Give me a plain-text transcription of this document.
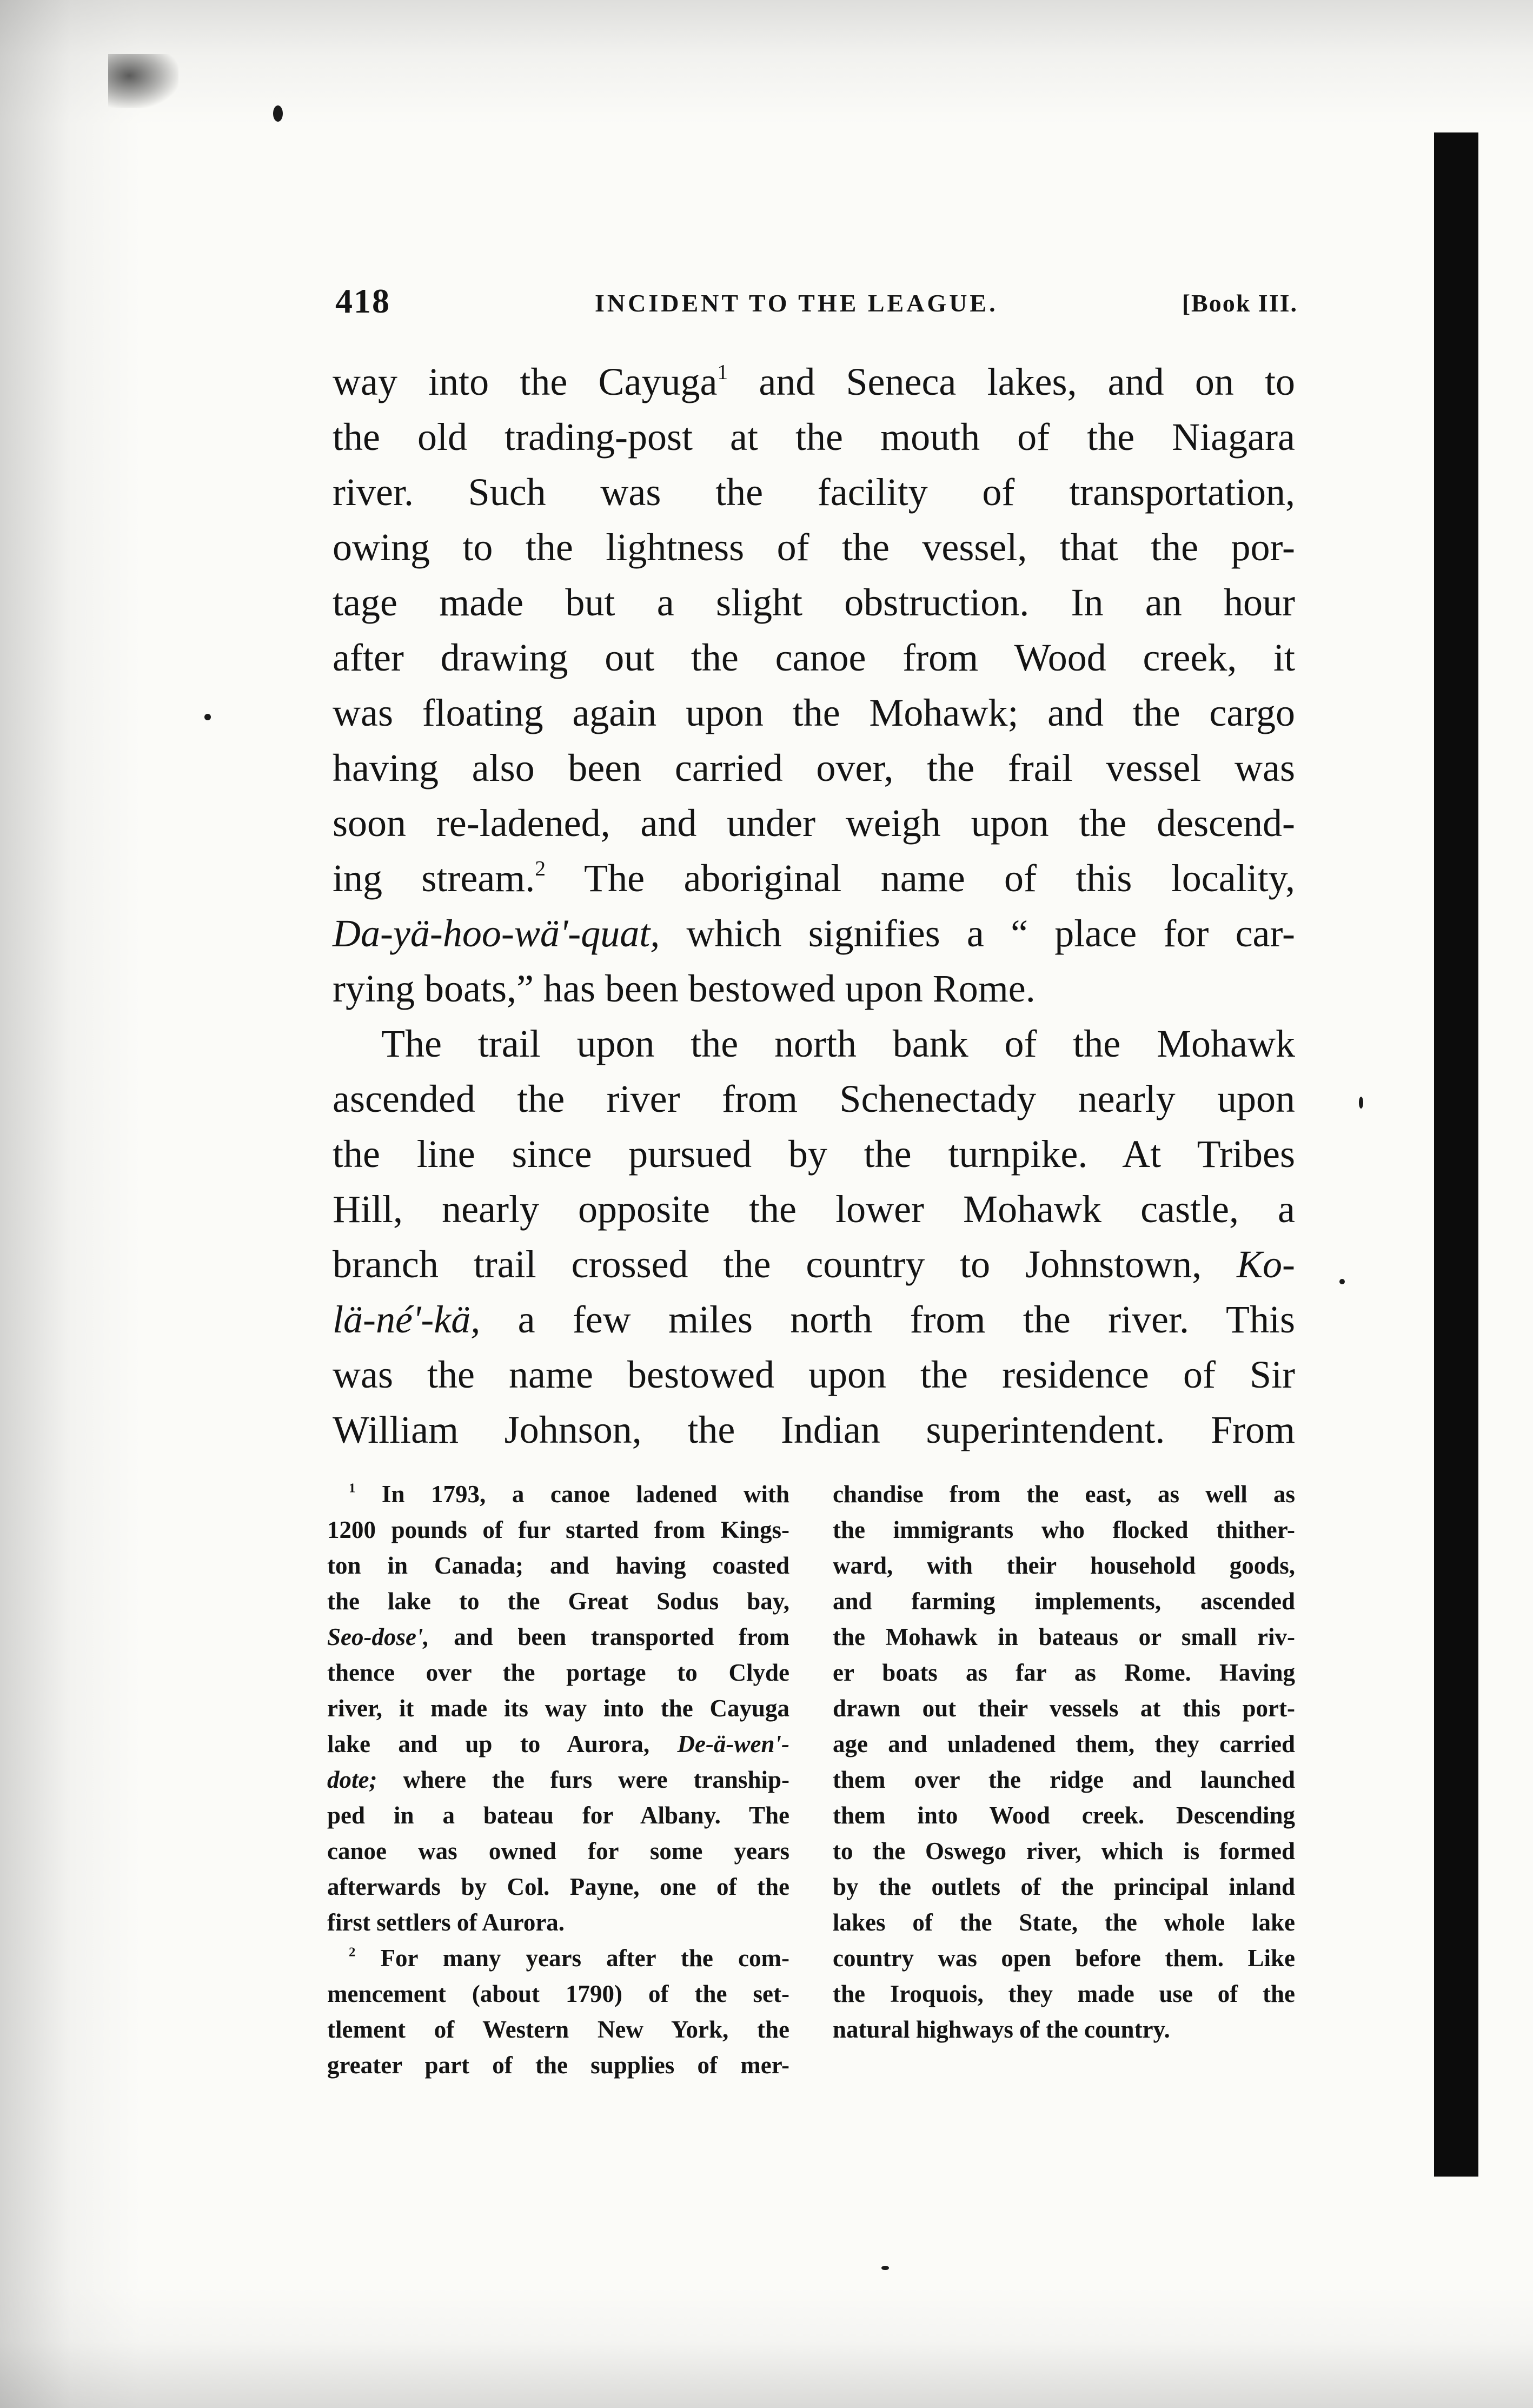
418	INCIDENT TO THE LEAGUE.	[Book III.
way into the Cayuga$^1$ and Seneca lakes, and on to
the old trading-post at the mouth of the Niagara
river. Such was the facility of transportation,
owing to the lightness of the vessel, that the por-
tage made but a slight obstruction. In an hour
after drawing out the canoe from Wood creek, it
was floating again upon the Mohawk; and the cargo
having also been carried over, the frail vessel was
soon re-ladened, and under weigh upon the descend-
ing stream.$^2$ The aboriginal name of this locality,
Da-yä-hoo-wä'-quat, which signifies a “ place for car-
rying boats,” has been bestowed upon Rome.
The trail upon the north bank of the Mohawk
ascended the river from Schenectady nearly upon
the line since pursued by the turnpike. At Tribes
Hill, nearly opposite the lower Mohawk castle, a
branch trail crossed the country to Johnstown, Ko-
lä-né'-kä, a few miles north from the river. This
was the name bestowed upon the residence of Sir
William Johnson, the Indian superintendent. From
$^1$ In 1793, a canoe ladened with
1200 pounds of fur started from Kings-
ton in Canada; and having coasted
the lake to the Great Sodus bay,
Seo-dose', and been transported from
thence over the portage to Clyde
river, it made its way into the Cayuga
lake and up to Aurora, De-ä-wen'-
dote; where the furs were tranship-
ped in a bateau for Albany. The
canoe was owned for some years
afterwards by Col. Payne, one of the
first settlers of Aurora.
$^2$ For many years after the com-
mencement (about 1790) of the set-
tlement of Western New York, the
greater part of the supplies of mer-
chandise from the east, as well as
the immigrants who flocked thither-
ward, with their household goods,
and farming implements, ascended
the Mohawk in bateaus or small riv-
er boats as far as Rome. Having
drawn out their vessels at this port-
age and unladened them, they carried
them over the ridge and launched
them into Wood creek. Descending
to the Oswego river, which is formed
by the outlets of the principal inland
lakes of the State, the whole lake
country was open before them. Like
the Iroquois, they made use of the
natural highways of the country.
